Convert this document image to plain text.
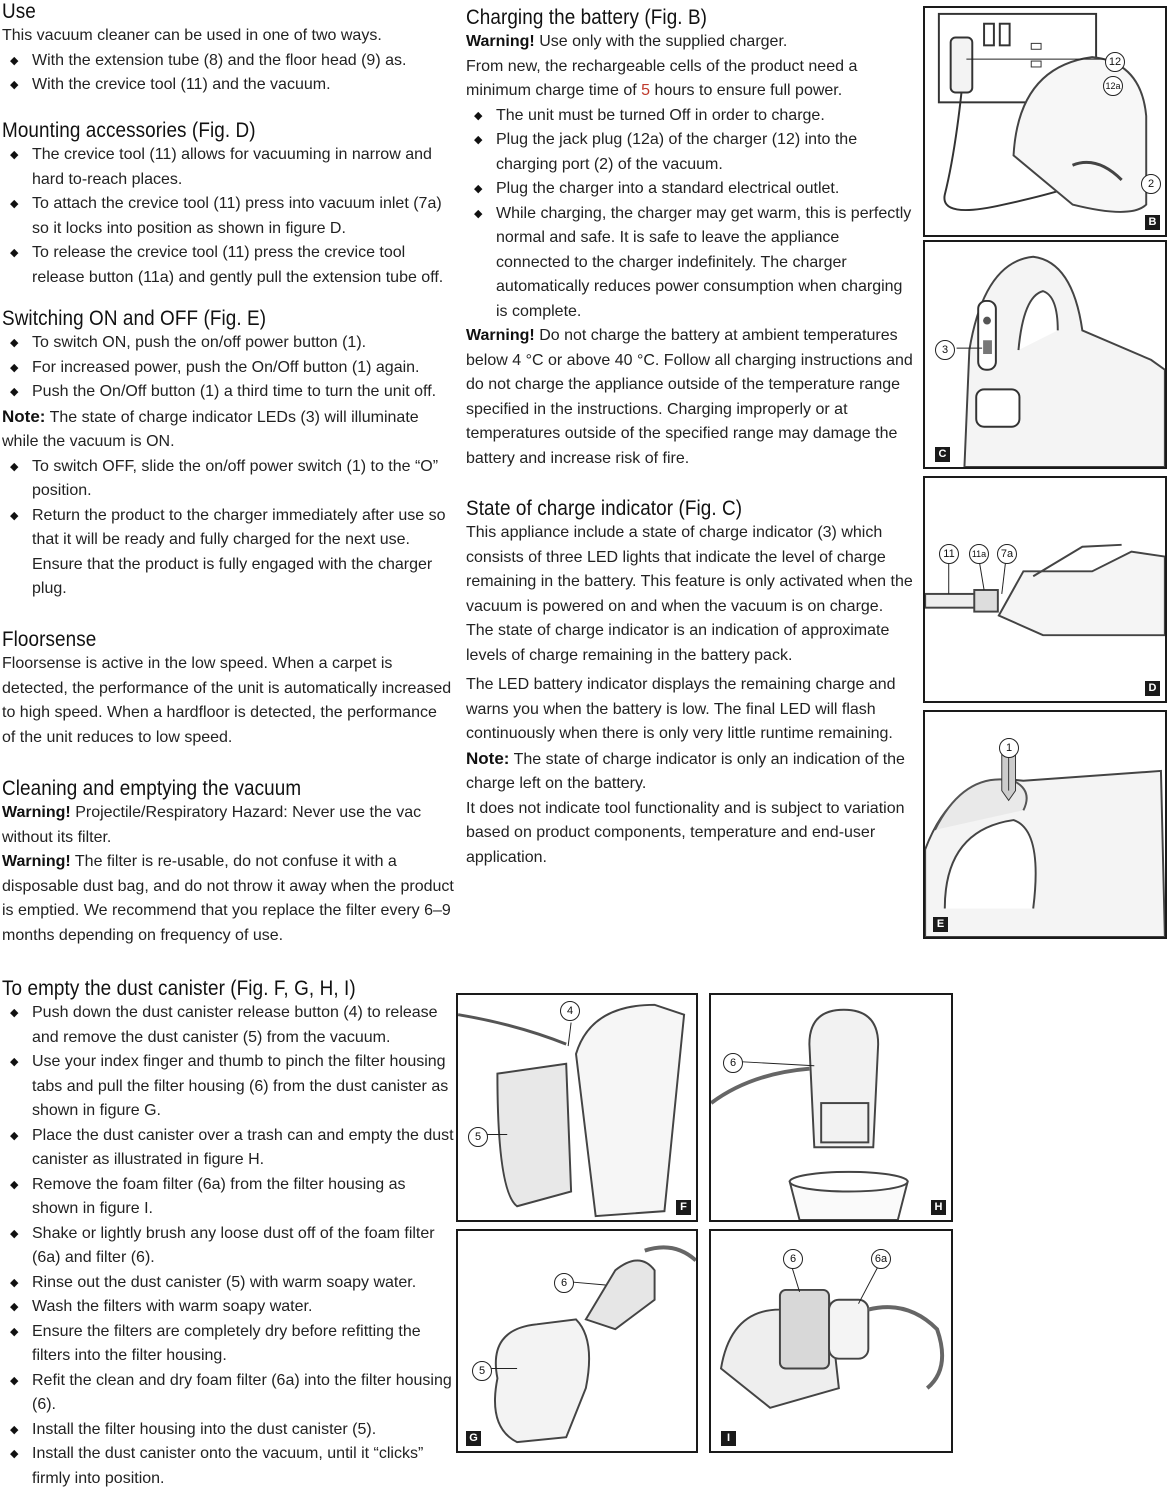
Use

This vacuum cleaner can be used in one of two ways.

◆ With the extension tube (8) and the floor head (9) as.
◆ With the crevice tool (11) and the vacuum.
Mounting accessories (Fig. D)
◆ The crevice tool (11) allows for vacuuming in narrow and hard to-reach places.
◆ To attach the crevice tool (11) press into vacuum inlet (7a) so it locks into position as shown in figure D.
◆ To release the crevice tool (11) press the crevice tool release button (11a) and gently pull the extension tube off.
Switching ON and OFF (Fig. E)
◆ To switch ON, push the on/off power button (1).
◆ For increased power, push the On/Off button (1) again.
◆ Push the On/Off button (1) a third time to turn the unit off.

Note: The state of charge indicator LEDs (3) will illuminate while the vacuum is ON.

◆ To switch OFF, slide the on/off power switch (1) to the “O” position.
◆ Return the product to the charger immediately after use so that it will be ready and fully charged for the next use. Ensure that the product is fully engaged with the charger plug.
Floorsense

Floorsense is active in the low speed. When a carpet is detected, the performance of the unit is automatically increased to high speed. When a hardfloor is detected, the performance of the unit reduces to low speed.

Cleaning and emptying the vacuum

Warning! Projectile/Respiratory Hazard: Never use the vac without its filter.

Warning! The filter is re-usable, do not confuse it with a disposable dust bag, and do not throw it away when the product is emptied. We recommend that you replace the filter every 6–9 months depending on frequency of use.

To empty the dust canister (Fig. F, G, H, I)
◆ Push down the dust canister release button (4) to release and remove the dust canister (5) from the vacuum.
◆ Use your index finger and thumb to pinch the filter housing tabs and pull the filter housing (6) from the dust canister as shown in figure G.
◆ Place the dust canister over a trash can and empty the dust canister as illustrated in figure H.
◆ Remove the foam filter (6a) from the filter housing as shown in figure I.
◆ Shake or lightly brush any loose dust off of the foam filter (6a) and filter (6).
◆ Rinse out the dust canister (5) with warm soapy water.
◆ Wash the filters with warm soapy water.
◆ Ensure the filters are completely dry before refitting the filters into the filter housing.
◆ Refit the clean and dry foam filter (6a) into the filter housing (6).
◆ Install the filter housing into the dust canister (5).
◆ Install the dust canister onto the vacuum, until it “clicks” firmly into position.
Charging the battery (Fig. B)

Warning! Use only with the supplied charger.

From new, the rechargeable cells of the product need a minimum charge time of 5 hours to ensure full power.

◆ The unit must be turned Off in order to charge.
◆ Plug the jack plug (12a) of the charger (12) into the charging port (2) of the vacuum.
◆ Plug the charger into a standard electrical outlet.
◆ While charging, the charger may get warm, this is perfectly normal and safe. It is safe to leave the appliance connected to the charger indefinitely. The charger automatically reduces power consumption when charging is complete.

Warning! Do not charge the battery at ambient temperatures below 4 °C or above 40 °C. Follow all charging instructions and do not charge the appliance outside of the temperature range specified in the instructions. Charging improperly or at temperatures outside of the specified range may damage the battery and increase risk of fire.

State of charge indicator (Fig. C)

This appliance include a state of charge indicator (3) which consists of three LED lights that indicate the level of charge remaining in the battery. This feature is only activated when the vacuum is powered on and when the vacuum is on charge.

The state of charge indicator is an indication of approximate levels of charge remaining in the battery pack.

The LED battery indicator displays the remaining charge and warns you when the battery is low. The final LED will flash continuously when there is only very little runtime remaining.

Note: The state of charge indicator is only an indication of the charge left on the battery.

It does not indicate tool functionality and is subject to variation based on product components, temperature and end-user application.

12
12a
2
B
3
C
11	11a	7a
D
1
E
4
5
F
6
H
6
5
G
6	6a
I
